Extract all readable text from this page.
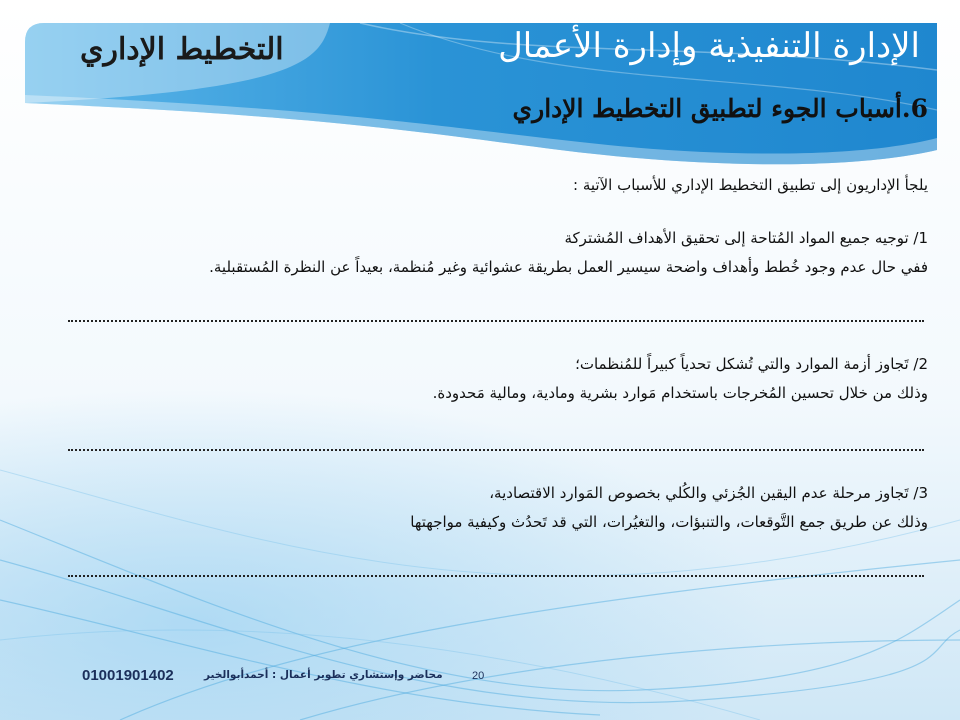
الإدارة التنفيذية وإدارة الأعمال
التخطيط الإداري
6.أسباب الجوء لتطبيق التخطيط الإداري
يلجأ الإداريون إلى تطبيق التخطيط الإداري للأسباب الآتية :

1/ توجيه جميع المواد المُتاحة إلى تحقيق الأهداف المُشتركة

ففي حال عدم وجود خُطط وأهداف واضحة سيسير العمل بطريقة عشوائية وغير مُنظمة، بعيداً عن النظرة المُستقبلية.

2/ تَجاوز أزمة الموارد والتي تُشكل تحدياً كبيراً للمُنظمات؛

وذلك من خلال تحسين المُخرجات باستخدام مَوارد بشرية ومادية، ومالية مَحدودة.

3/ تَجاوز مرحلة عدم اليقين الجُزئي والكُلي بخصوص المَوارد الاقتصادية،

وذلك عن طريق جمع التَّوقعات، والتنبؤات، والتغيُرات، التي قد تَحدُث وكيفية مواجهتها

01001901402	محاضر وإستشاري تطوير أعمال : أحمدأبوالخير	20
